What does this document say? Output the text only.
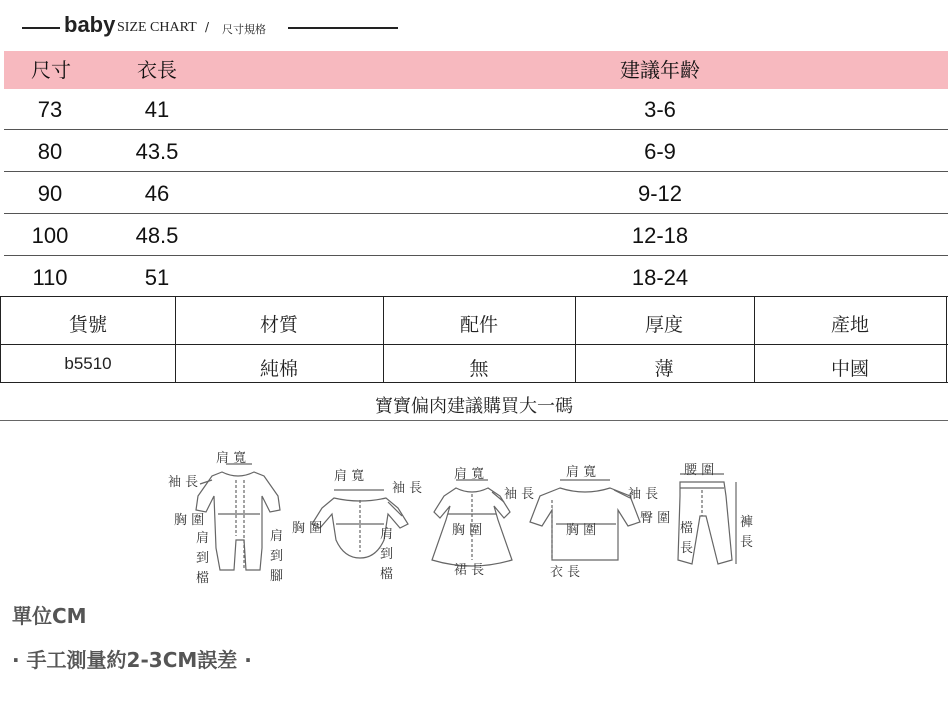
baby SIZE CHART / 尺寸規格
尺寸	衣長	建議年齡
73	41	3-6
80	43.5	6-9
90	46	9-12
100	48.5	12-18
110	51	18-24
貨號	材質	配件	厚度	產地
b5510	純棉	無	薄	中國
寶寶偏肉建議購買大一碼
肩 寬
袖 長
胸 圍
肩
到
檔
肩
到
腳
肩 寬
袖 長
胸 圍	肩
到
檔
肩 寬
袖 長
胸 圍
裙 長
肩 寬
袖 長
胸 圍
衣 長
腰 圍
臀 圍
檔
長
褲
長
單位CM
· 手工測量約2-3CM誤差 ·
